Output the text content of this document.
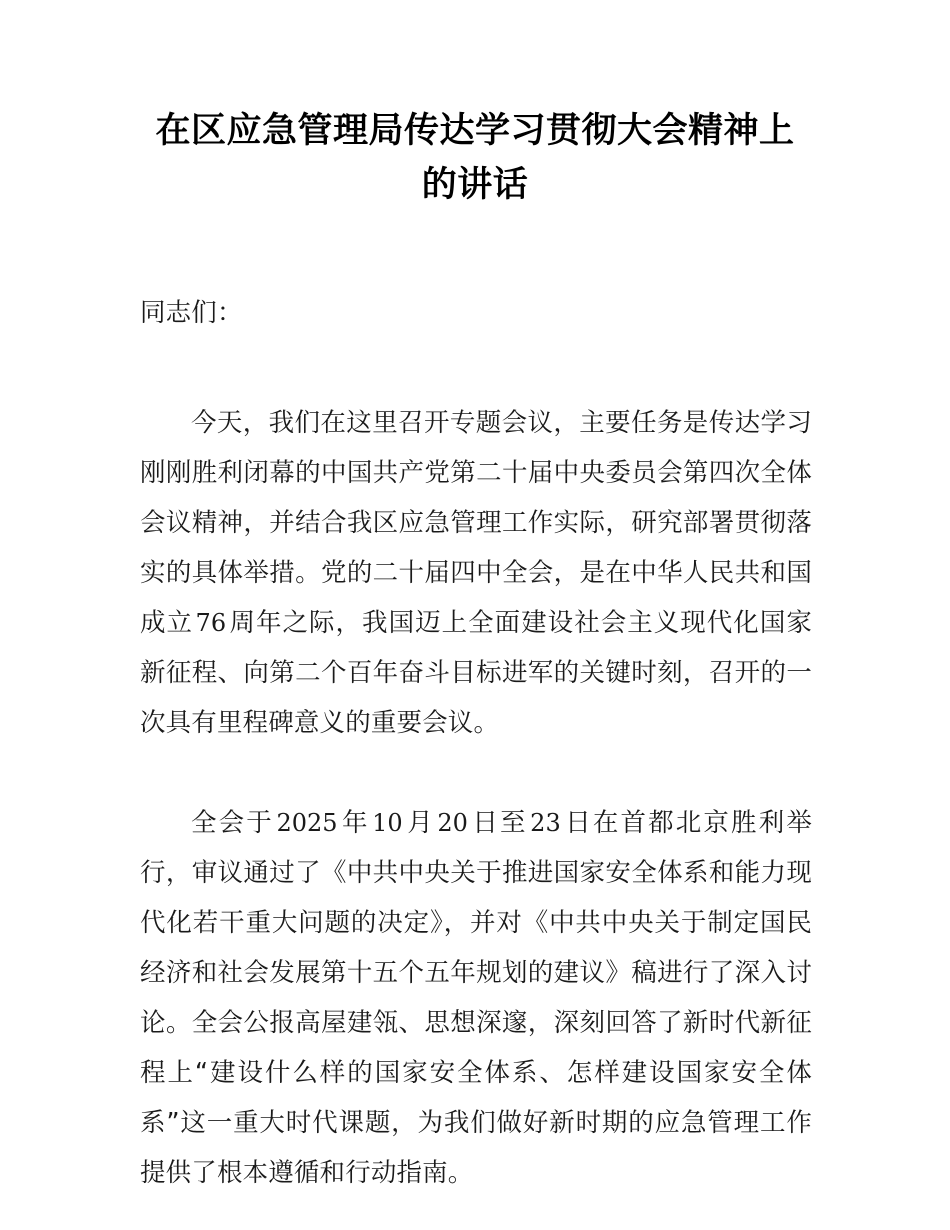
在区应急管理局传达学习贯彻大会精神上的讲话

同志们：

今天，我们在这里召开专题会议，主要任务是传达学习刚刚胜利闭幕的中国共产党第二十届中央委员会第四次全体会议精神，并结合我区应急管理工作实际，研究部署贯彻落实的具体举措。党的二十届四中全会，是在中华人民共和国成立 76周年之际，我国迈上全面建设社会主义现代化国家新征程、向第二个百年奋斗目标进军的关键时刻，召开的一次具有里程碑意义的重要会议。

全会于 2025年 10月 20日至 23日在首都北京胜利举行，审议通过了《中共中央关于推进国家安全体系和能力现代化若干重大问题的决定》，并对《中共中央关于制定国民经济和社会发展第十五个五年规划的建议》稿进行了深入讨论。全会公报高屋建瓴、思想深邃，深刻回答了新时代新征程上“建设什么样的国家安全体系、怎样建设国家安全体系”这一重大时代课题，为我们做好新时期的应急管理工作提供了根本遵循和行动指南。
